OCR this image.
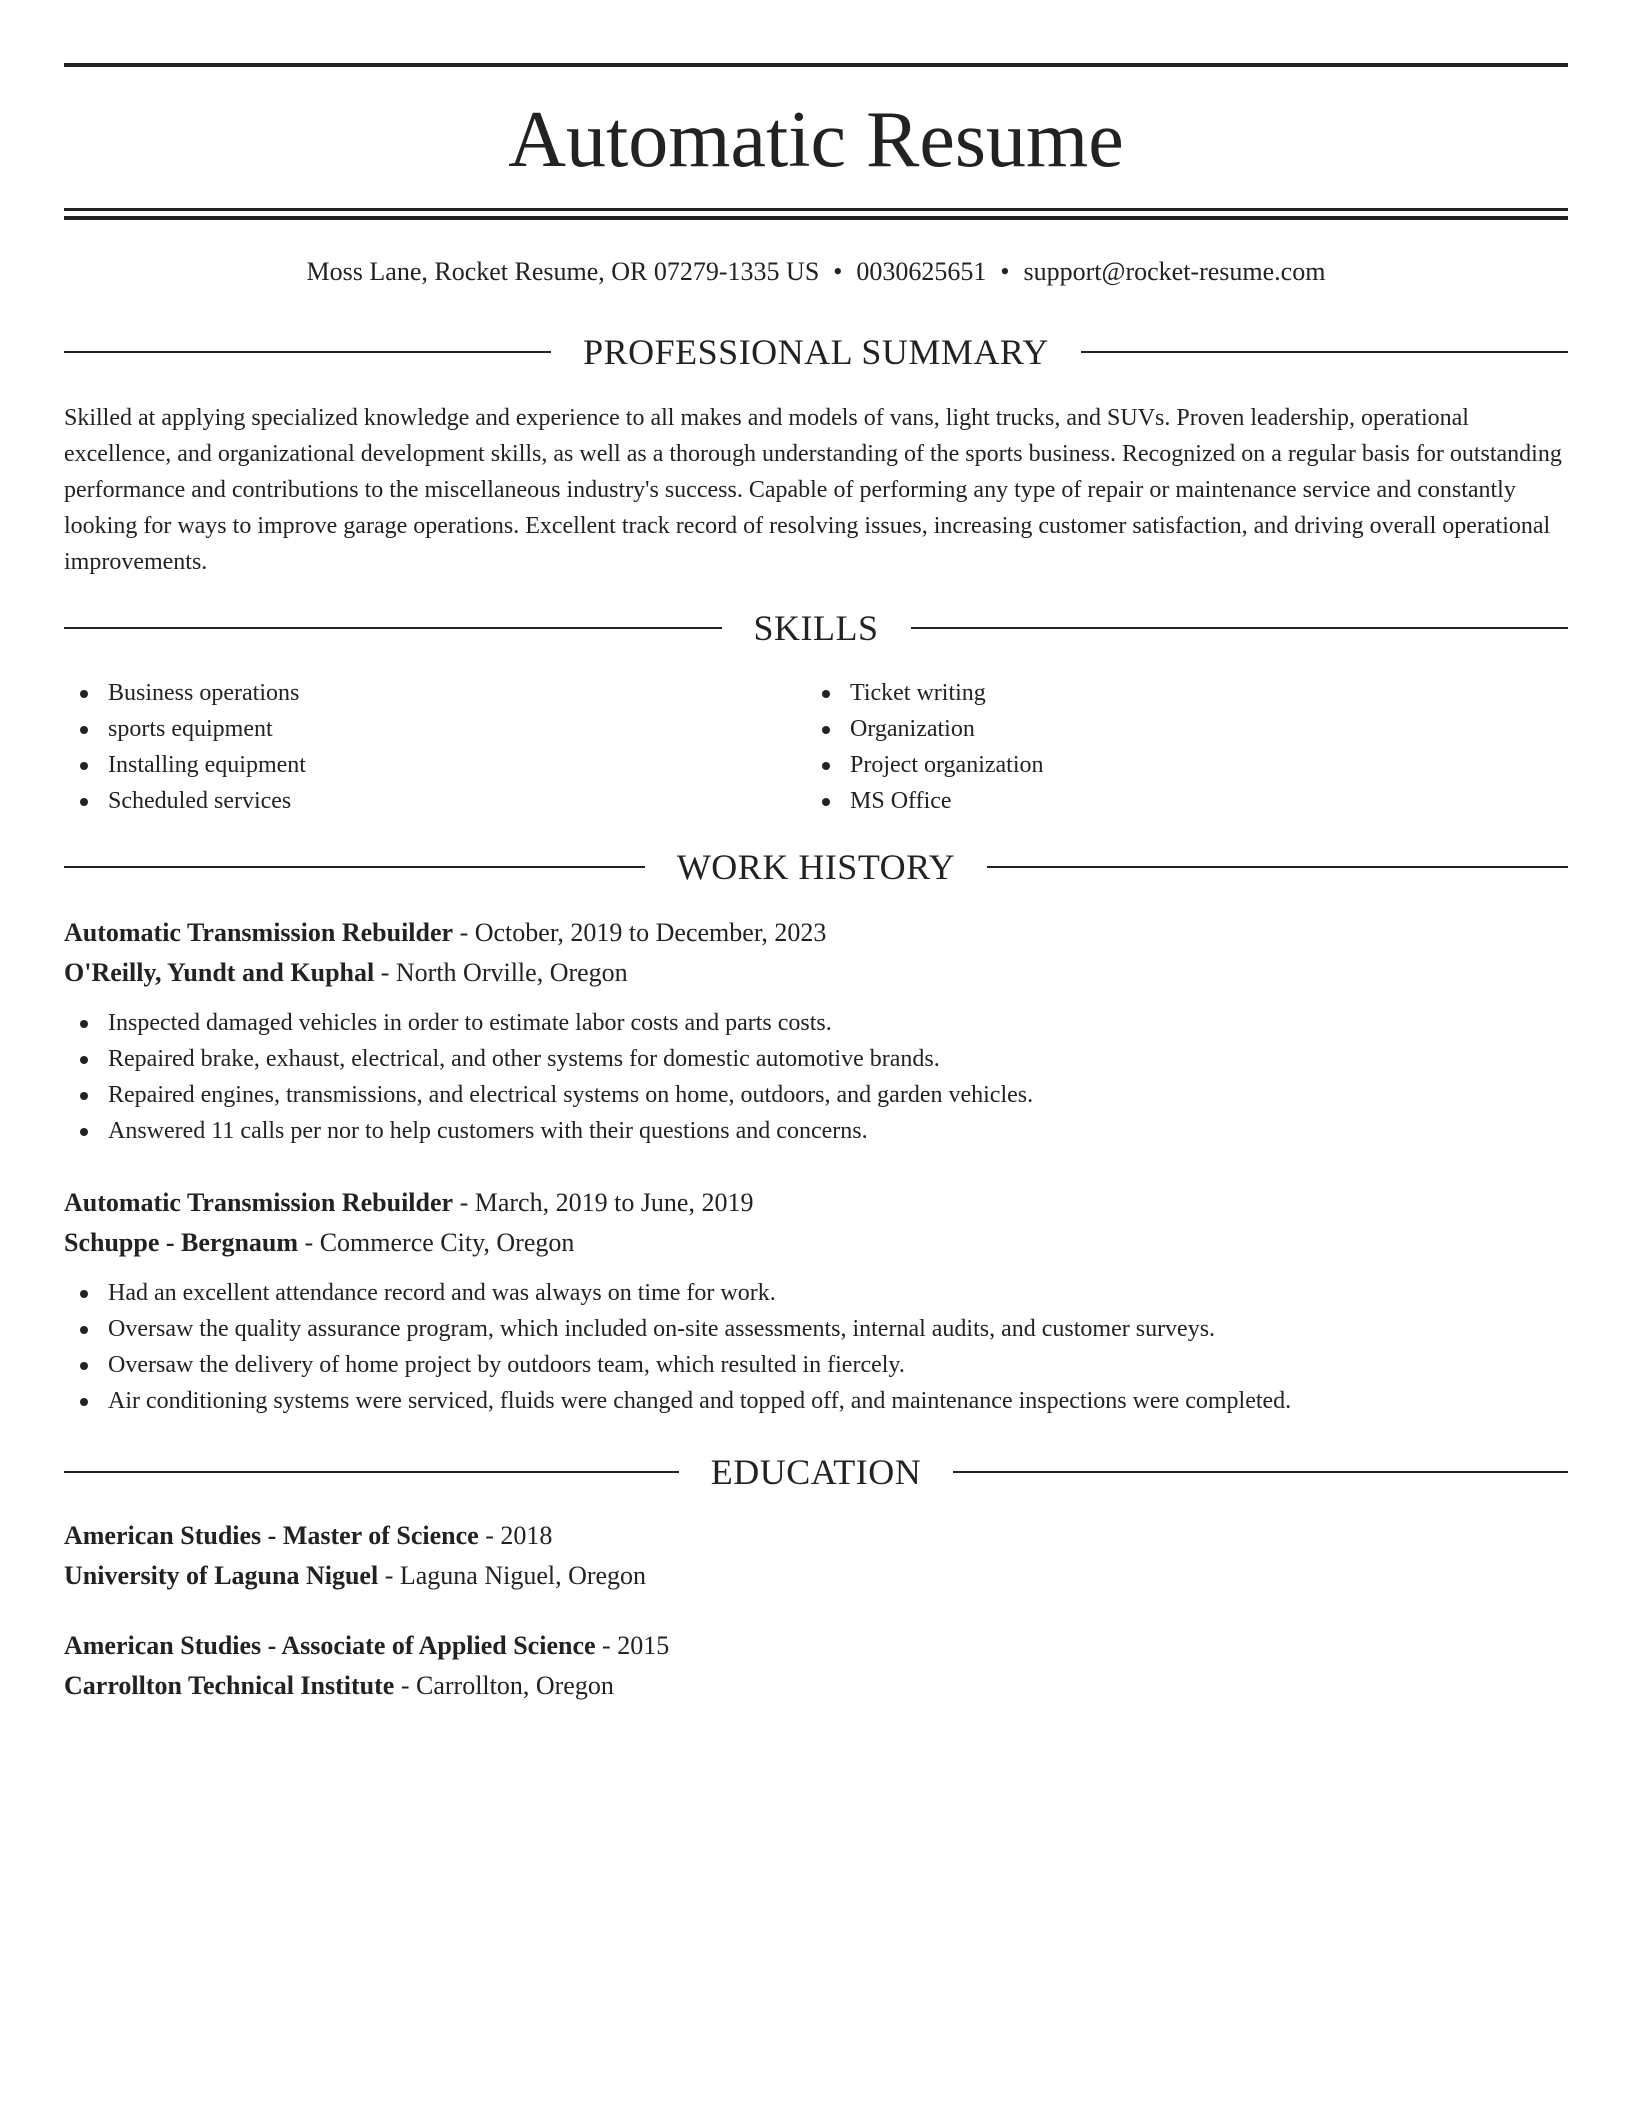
Automatic Resume
Moss Lane, Rocket Resume, OR 07279-1335 US • 0030625651 • support@rocket-resume.com
PROFESSIONAL SUMMARY

Skilled at applying specialized knowledge and experience to all makes and models of vans, light trucks, and SUVs. Proven leadership, operational excellence, and organizational development skills, as well as a thorough understanding of the sports business. Recognized on a regular basis for outstanding performance and contributions to the miscellaneous industry's success. Capable of performing any type of repair or maintenance service and constantly looking for ways to improve garage operations. Excellent track record of resolving issues, increasing customer satisfaction, and driving overall operational improvements.

SKILLS
Business operations
sports equipment
Installing equipment
Scheduled services
Ticket writing
Organization
Project organization
MS Office
WORK HISTORY
Automatic Transmission Rebuilder - October, 2019 to December, 2023
O'Reilly, Yundt and Kuphal - North Orville, Oregon
Inspected damaged vehicles in order to estimate labor costs and parts costs.
Repaired brake, exhaust, electrical, and other systems for domestic automotive brands.
Repaired engines, transmissions, and electrical systems on home, outdoors, and garden vehicles.
Answered 11 calls per nor to help customers with their questions and concerns.
Automatic Transmission Rebuilder - March, 2019 to June, 2019
Schuppe - Bergnaum - Commerce City, Oregon
Had an excellent attendance record and was always on time for work.
Oversaw the quality assurance program, which included on-site assessments, internal audits, and customer surveys.
Oversaw the delivery of home project by outdoors team, which resulted in fiercely.
Air conditioning systems were serviced, fluids were changed and topped off, and maintenance inspections were completed.
EDUCATION
American Studies - Master of Science - 2018
University of Laguna Niguel - Laguna Niguel, Oregon
American Studies - Associate of Applied Science - 2015
Carrollton Technical Institute - Carrollton, Oregon
